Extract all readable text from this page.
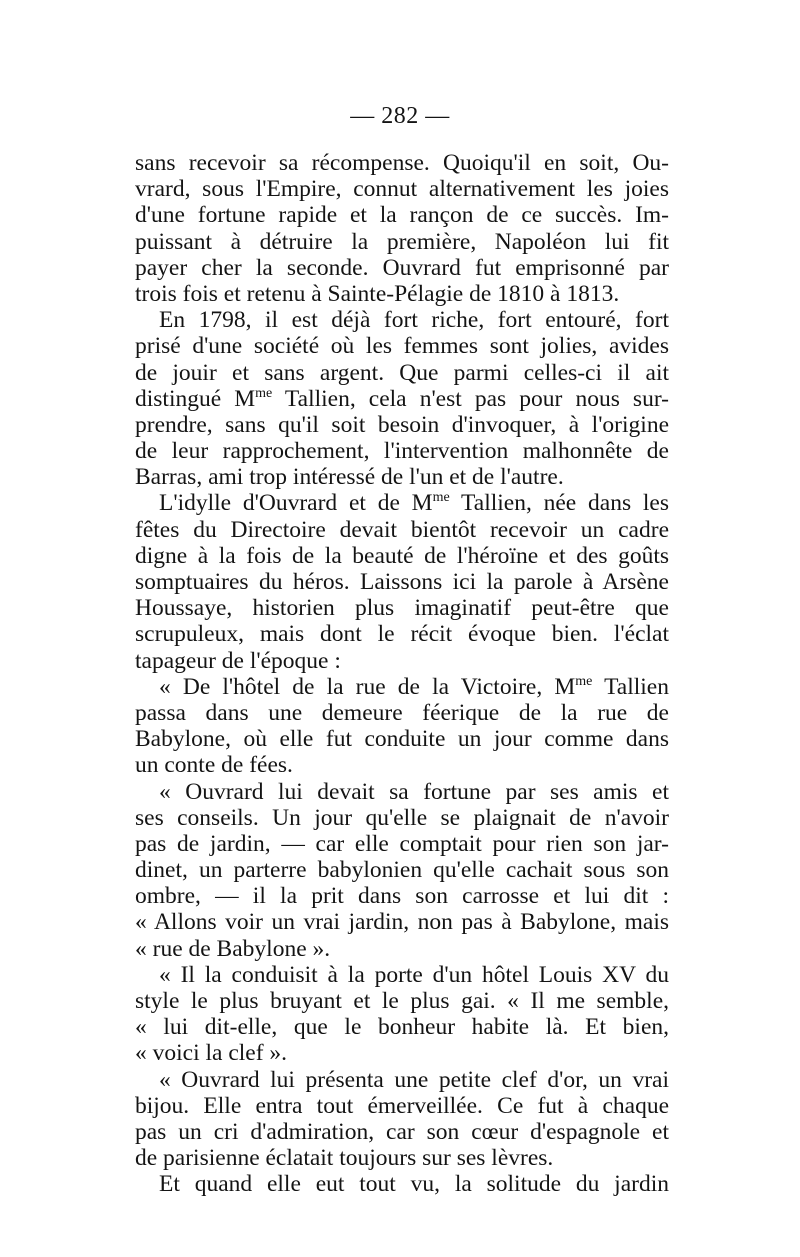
— 282 —
sans recevoir sa récompense. Quoiqu'il en soit, Ou-
vrard, sous l'Empire, connut alternativement les joies
d'une fortune rapide et la rançon de ce succès. Im-
puissant à détruire la première, Napoléon lui fit
payer cher la seconde. Ouvrard fut emprisonné par
trois fois et retenu à Sainte-Pélagie de 1810 à 1813.
En 1798, il est déjà fort riche, fort entouré, fort
prisé d'une société où les femmes sont jolies, avides
de jouir et sans argent. Que parmi celles-ci il ait
distingué $M^{me}$ Tallien, cela n'est pas pour nous sur-
prendre, sans qu'il soit besoin d'invoquer, à l'origine
de leur rapprochement, l'intervention malhonnête de
Barras, ami trop intéressé de l'un et de l'autre.
L'idylle d'Ouvrard et de $M^{me}$ Tallien, née dans les
fêtes du Directoire devait bientôt recevoir un cadre
digne à la fois de la beauté de l'héroïne et des goûts
somptuaires du héros. Laissons ici la parole à Arsène
Houssaye, historien plus imaginatif peut-être que
scrupuleux, mais dont le récit évoque bien. l'éclat
tapageur de l'époque :
« De l'hôtel de la rue de la Victoire, $M^{me}$ Tallien
passa dans une demeure féerique de la rue de
Babylone, où elle fut conduite un jour comme dans
un conte de fées.
« Ouvrard lui devait sa fortune par ses amis et
ses conseils. Un jour qu'elle se plaignait de n'avoir
pas de jardin, — car elle comptait pour rien son jar-
dinet, un parterre babylonien qu'elle cachait sous son
ombre, — il la prit dans son carrosse et lui dit :
« Allons voir un vrai jardin, non pas à Babylone, mais
« rue de Babylone ».
« Il la conduisit à la porte d'un hôtel Louis XV du
style le plus bruyant et le plus gai. « Il me semble,
« lui dit-elle, que le bonheur habite là. Et bien,
« voici la clef ».
« Ouvrard lui présenta une petite clef d'or, un vrai
bijou. Elle entra tout émerveillée. Ce fut à chaque
pas un cri d'admiration, car son cœur d'espagnole et
de parisienne éclatait toujours sur ses lèvres.
Et quand elle eut tout vu, la solitude du jardin
